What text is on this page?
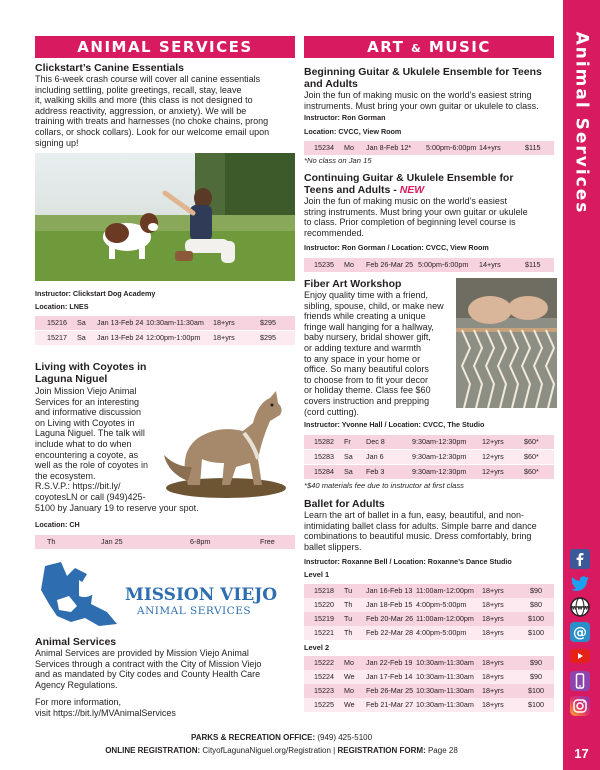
Animal Services
17
www
@
ANIMAL SERVICES
Clickstart’s Canine Essentials
This 6-week crash course will cover all canine essentials
including settling, polite greetings, recall, stay, leave
it, walking skills and more (this class is not designed to
address reactivity, aggression, or anxiety). We will be
training with treats and harnesses (no choke chains, prong
collars, or shock collars). Look for our welcome email upon
signing up!
Instructor: Clickstart Dog Academy
Location: LNES
15216 Sa Jan 13-Feb 24 10:30am-11:30am 18+yrs	$295
15217 Sa Jan 13-Feb 24 12:00pm-1:00pm 18+yrs	$295
Living with Coyotes in
Laguna Niguel
Join Mission Viejo Animal
Services for an interesting
and informative discussion
on Living with Coyotes in
Laguna Niguel. The talk will
include what to do when
encountering a coyote, as
well as the role of coyotes in
the ecosystem.
R.S.V.P.: https://bit.ly/
coyotesLN or call (949)425-
5100 by January 19 to reserve your spot.
Location: CH
Th	Jan 25	6-8pm	Free
MISSION VIEJO
ANIMAL SERVICES
Animal Services
Animal Services are provided by Mission Viejo Animal
Services through a contract with the City of Mission Viejo
and as mandated by City codes and County Health Care
Agency Regulations.
For more information,
visit https://bit.ly/MVAnimalServices
ART & MUSIC
Beginning Guitar & Ukulele Ensemble for Teens
and Adults
Join the fun of making music on the world’s easiest string
instruments. Must bring your own guitar or ukulele to class.
Instructor: Ron Gorman
Location: CVCC, View Room
15234 Mo Jan 8-Feb 12* 5:00pm-6:00pm 14+yrs	$115
*No class on Jan 15
Continuing Guitar & Ukulele Ensemble for
Teens and Adults - NEW
Join the fun of making music on the world’s easiest
string instruments. Must bring your own guitar or ukulele
to class. Prior completion of beginning level course is
recommended.
Instructor: Ron Gorman / Location: CVCC, View Room
15235 Mo Feb 26-Mar 25 5:00pm-6:00pm 14+yrs	$115
Fiber Art Workshop
Enjoy quality time with a friend,
sibling, spouse, child, or make new
friends while creating a unique
fringe wall hanging for a hallway,
baby nursery, bridal shower gift,
or adding texture and warmth
to any space in your home or
office. So many beautiful colors
to choose from to fit your decor
or holiday theme. Class fee $60
covers instruction and prepping
(cord cutting).
Instructor: Yvonne Hall / Location: CVCC, The Studio
15282 Fr Dec 8	9:30am-12:30pm 12+yrs	$60*
15283 Sa Jan 6	9:30am-12:30pm 12+yrs	$60*
15284 Sa Feb 3	9:30am-12:30pm 12+yrs	$60*
*$40 materials fee due to instructor at first class
Ballet for Adults
Learn the art of ballet in a fun, easy, beautiful, and non-
intimidating ballet class for adults. Simple barre and dance
combinations to beautiful music. Dress comfortably, bring
ballet slippers.
Instructor: Roxanne Bell / Location: Roxanne’s Dance Studio
Level 1
15218 Tu Jan 16-Feb 13 11:00am-12:00pm 18+yrs	$90
15220 Th Jan 18-Feb 15 4:00pm-5:00pm 18+yrs	$80
15219 Tu Feb 20-Mar 26 11:00am-12:00pm 18+yrs	$100
15221 Th Feb 22-Mar 28 4:00pm-5:00pm 18+yrs	$100
Level 2
15222 Mo Jan 22-Feb 19 10:30am-11:30am 18+yrs	$90
15224 We Jan 17-Feb 14 10:30am-11:30am 18+yrs	$90
15223 Mo Feb 26-Mar 25 10:30am-11:30am 18+yrs	$100
15225 We Feb 21-Mar 27 10:30am-11:30am 18+yrs	$100
PARKS & RECREATION OFFICE: (949) 425-5100
ONLINE REGISTRATION: CityofLagunaNiguel.org/Registration | REGISTRATION FORM: Page 28
